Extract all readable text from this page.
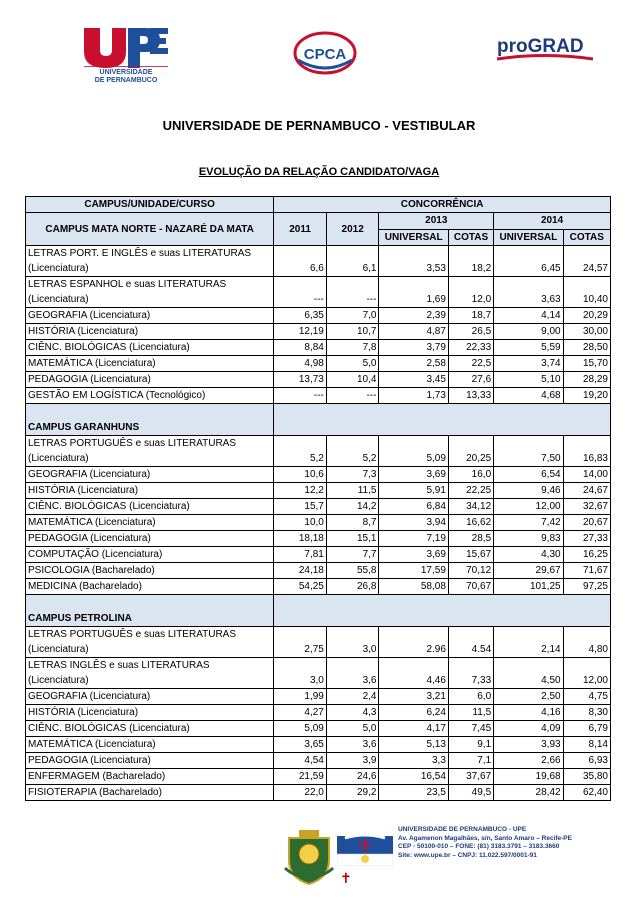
UNIVERSIDADE
DE PERNAMBUCO
CPCA	proGRAD
UNIVERSIDADE DE PERNAMBUCO - VESTIBULAR
EVOLUÇÃO DA RELAÇÃO CANDIDATO/VAGA
CAMPUS/UNIDADE/CURSO	CONCORRÊNCIA					
CAMPUS MATA NORTE - NAZARÉ DA MATA	2011	2012	2013		2014	
			UNIVERSAL	COTAS	UNIVERSAL	COTAS
LETRAS PORT. E INGLÊS e suas LITERATURAS
(Licenciatura)	6,6	6,1	3,53	18,2	6,45	24,57
LETRAS ESPANHOL e suas LITERATURAS
(Licenciatura)	---	---	1,69	12,0	3,63	10,40
GEOGRAFIA (Licenciatura)	6,35	7,0	2,39	18,7	4,14	20,29
HISTÓRIA (Licenciatura)	12,19	10,7	4,87	26,5	9,00	30,00
CIÊNC. BIOLÓGICAS (Licenciatura)	8,84	7,8	3,79	22,33	5,59	28,50
MATEMÁTICA (Licenciatura)	4,98	5,0	2,58	22,5	3,74	15,70
PEDAGOGIA (Licenciatura)	13,73	10,4	3,45	27,6	5,10	28,29
GESTÃO EM LOGÍSTICA (Tecnológico)	---	---	1,73	13,33	4,68	19,20
CAMPUS GARANHUNS						
LETRAS PORTUGUÊS e suas LITERATURAS
(Licenciatura)	5,2	5,2	5,09	20,25	7,50	16,83
GEOGRAFIA (Licenciatura)	10,6	7,3	3,69	16,0	6,54	14,00
HISTÓRIA (Licenciatura)	12,2	11,5	5,91	22,25	9,46	24,67
CIÊNC. BIOLÓGICAS (Licenciatura)	15,7	14,2	6,84	34,12	12,00	32,67
MATEMÁTICA (Licenciatura)	10,0	8,7	3,94	16,62	7,42	20,67
PEDAGOGIA (Licenciatura)	18,18	15,1	7,19	28,5	9,83	27,33
COMPUTAÇÃO (Licenciatura)	7,81	7,7	3,69	15,67	4,30	16,25
PSICOLOGIA (Bacharelado)	24,18	55,8	17,59	70,12	29,67	71,67
MEDICINA (Bacharelado)	54,25	26,8	58,08	70,67	101,25	97,25
CAMPUS PETROLINA						
LETRAS PORTUGUÊS e suas LITERATURAS
(Licenciatura)	2,75	3,0	2.96	4.54	2,14	4,80
LETRAS INGLÊS e suas LITERATURAS
(Licenciatura)	3,0	3,6	4,46	7,33	4,50	12,00
GEOGRAFIA (Licenciatura)	1,99	2,4	3,21	6,0	2,50	4,75
HISTÓRIA (Licenciatura)	4,27	4,3	6,24	11,5	4,16	8,30
CIÊNC. BIOLÓGICAS (Licenciatura)	5,09	5,0	4,17	7,45	4,09	6,79
MATEMÁTICA (Licenciatura)	3,65	3,6	5,13	9,1	3,93	8,14
PEDAGOGIA (Licenciatura)	4,54	3,9	3,3	7,1	2,66	6,93
ENFERMAGEM (Bacharelado)	21,59	24,6	16,54	37,67	19,68	35,80
FISIOTERAPIA (Bacharelado)	22,0	29,2	23,5	49,5	28,42	62,40
✝
UNIVERSIDADE DE PERNAMBUCO - UPE
Av. Agamenon Magalhães, s/n, Santo Amaro – Recife-PE
CEP - 50100-010 – FONE: (81) 3183.3791 – 3183.3660
Site: www.upe.br – CNPJ: 11.022.597/0001-91
